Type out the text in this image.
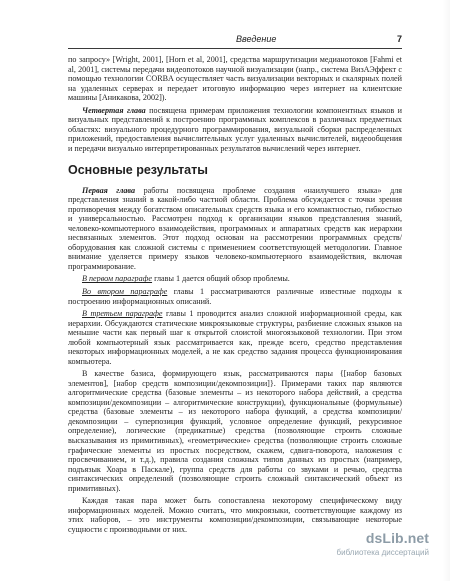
Введение	7

по запросу» [Wright, 2001], [Horn et al, 2001], средства маршрутизации медианотоков [Fahmi et al, 2001], системы передачи видеопотоков научной визуализации (напр., система ВизАЭффект с помощью технологии CORBA осуществляет часть визуализации векторных и скалярных полей на удаленных серверах и передает итоговую информацию через интернет на клиентские машины [Аникакова, 2002]).

Четвертая глава посвящена примерам приложения технологии компонентных языков и визуальных представлений к построению программных комплексов в различных предметных областях: визуального процедурного программирования, визуальной сборки распределенных приложений, предоставления вычислительных услуг удаленных вычислителей, видеообщения и передачи визуально интерпретированных результатов вычислений через интернет.

Основные результаты

Первая глава работы посвящена проблеме создания «наилучшего языка» для представления знаний в какой-либо частной области. Проблема обсуждается с точки зрения противоречия между богатством описательных средств языка и его компактностью, гибкостью и универсальностью. Рассмотрен подход к организации языков представления знаний, человеко-компьютерного взаимодействия, программных и аппаратных средств как иерархии несвязанных элементов. Этот подход основан на рассмотрении программных средств/оборудования как сложной системы с применением соответствующей методологии. Главное внимание уделяется примеру языков человеко-компьютерного взаимодействия, включая программирование.

В первом параграфе главы 1 дается общий обзор проблемы.

Во втором параграфе главы 1 рассматриваются различные известные подходы к построению информационных описаний.

В третьем параграфе главы 1 проводится анализ сложной информационной среды, как иерархии. Обсуждаются статические микроязыковые структуры, разбиение сложных языков на меньшие части как первый шаг к открытой слоистой многоязыковой технологии. При этом любой компьютерный язык рассматривается как, прежде всего, средство представления некоторых информационных моделей, а не как средство задания процесса функционирования компьютера.

В качестве базиса, формирующего язык, рассматриваются пары {[набор базовых элементов], [набор средств композиции/декомпозиции]}. Примерами таких пар являются алгоритмические средства (базовые элементы – из некоторого набора действий, а средства композиции/декомпозиции – алгоритмические конструкции), функциональные (формульные) средства (базовые элементы – из некоторого набора функций, а средства композиции/декомпозиции – суперпозиция функций, условное определение функций, рекурсивное определение), логические (предикатные) средства (позволяющие строить сложные высказывания из примитивных), «геометрические» средства (позволяющие строить сложные графические элементы из простых посредством, скажем, сдвига-поворота, наложения с просвечиванием, и т.д.), правила создания сложных типов данных из простых (например, подъязык Хоара в Паскале), группа средств для работы со звуками и речью, средства синтаксических определений (позволяющие строить сложный синтаксический объект из примитивных).

Каждая такая пара может быть сопоставлена некоторому специфическому виду информационных моделей. Можно считать, что микроязыки, соответствующие каждому из этих наборов, – это инструменты композиции/декомпозиции, связывающие некоторые сущности с производными от них.

dsLib.net
библиотека диссертаций
